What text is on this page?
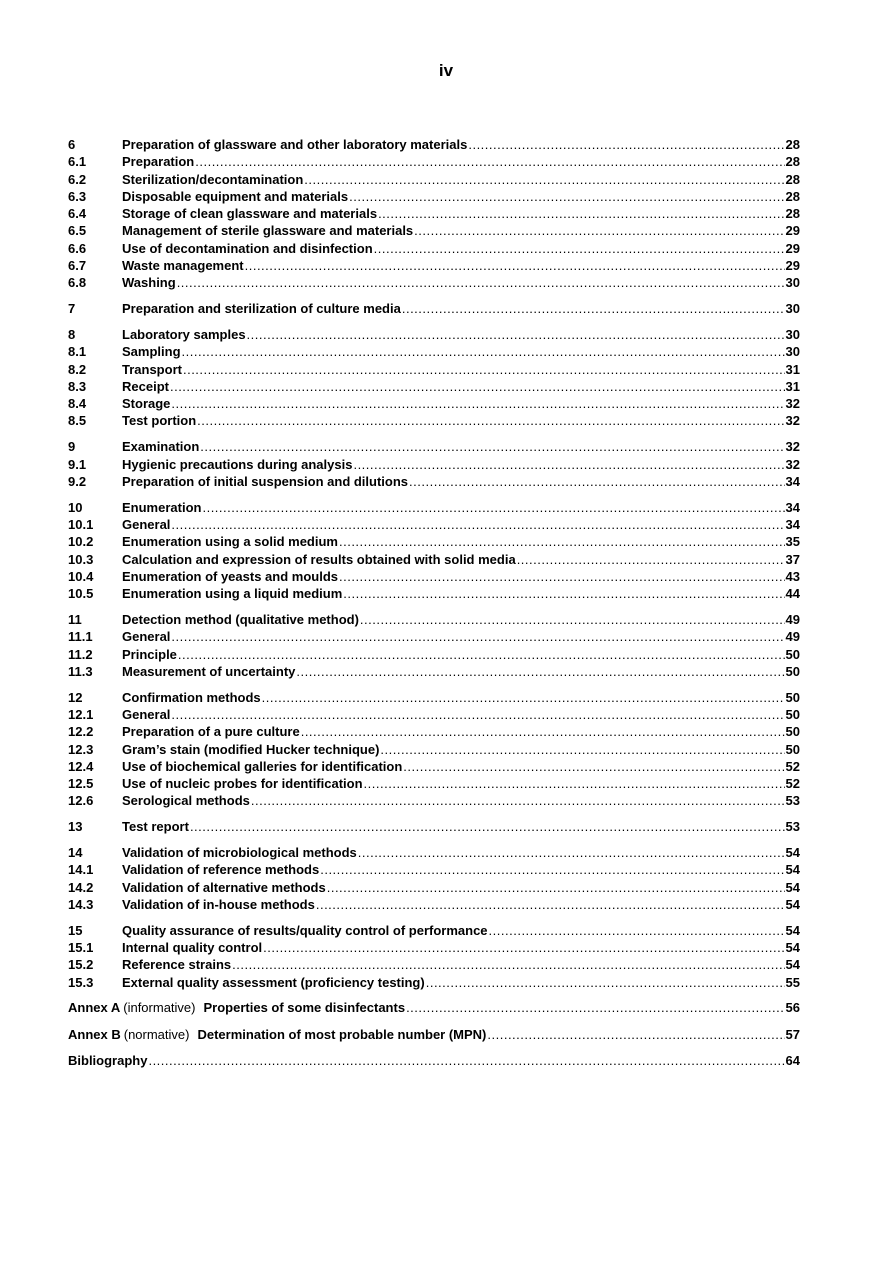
iv
6	Preparation of glassware and other laboratory materials .....	28
6.1	Preparation .....	28
6.2	Sterilization/decontamination .....	28
6.3	Disposable equipment and materials .....	28
6.4	Storage of clean glassware and materials .....	28
6.5	Management of sterile glassware and materials .....	29
6.6	Use of decontamination and disinfection .....	29
6.7	Waste management .....	29
6.8	Washing .....	30
7	Preparation and sterilization of culture media .....	30
8	Laboratory samples .....	30
8.1	Sampling .....	30
8.2	Transport .....	31
8.3	Receipt .....	31
8.4	Storage .....	32
8.5	Test portion .....	32
9	Examination .....	32
9.1	Hygienic precautions during analysis .....	32
9.2	Preparation of initial suspension and dilutions .....	34
10	Enumeration .....	34
10.1	General .....	34
10.2	Enumeration using a solid medium .....	35
10.3	Calculation and expression of results obtained with solid media .....	37
10.4	Enumeration of yeasts and moulds .....	43
10.5	Enumeration using a liquid medium .....	44
11	Detection method (qualitative method) .....	49
11.1	General .....	49
11.2	Principle .....	50
11.3	Measurement of uncertainty .....	50
12	Confirmation methods .....	50
12.1	General .....	50
12.2	Preparation of a pure culture .....	50
12.3	Gram’s stain (modified Hucker technique) .....	50
12.4	Use of biochemical galleries for identification .....	52
12.5	Use of nucleic probes for identification .....	52
12.6	Serological methods .....	53
13	Test report .....	53
14	Validation of microbiological methods .....	54
14.1	Validation of reference methods .....	54
14.2	Validation of alternative methods .....	54
14.3	Validation of in-house methods .....	54
15	Quality assurance of results/quality control of performance .....	54
15.1	Internal quality control .....	54
15.2	Reference strains .....	54
15.3	External quality assessment (proficiency testing) .....	55
Annex A (informative) Properties of some disinfectants .....	56
Annex B (normative) Determination of most probable number (MPN) .....	57
Bibliography .....	64
